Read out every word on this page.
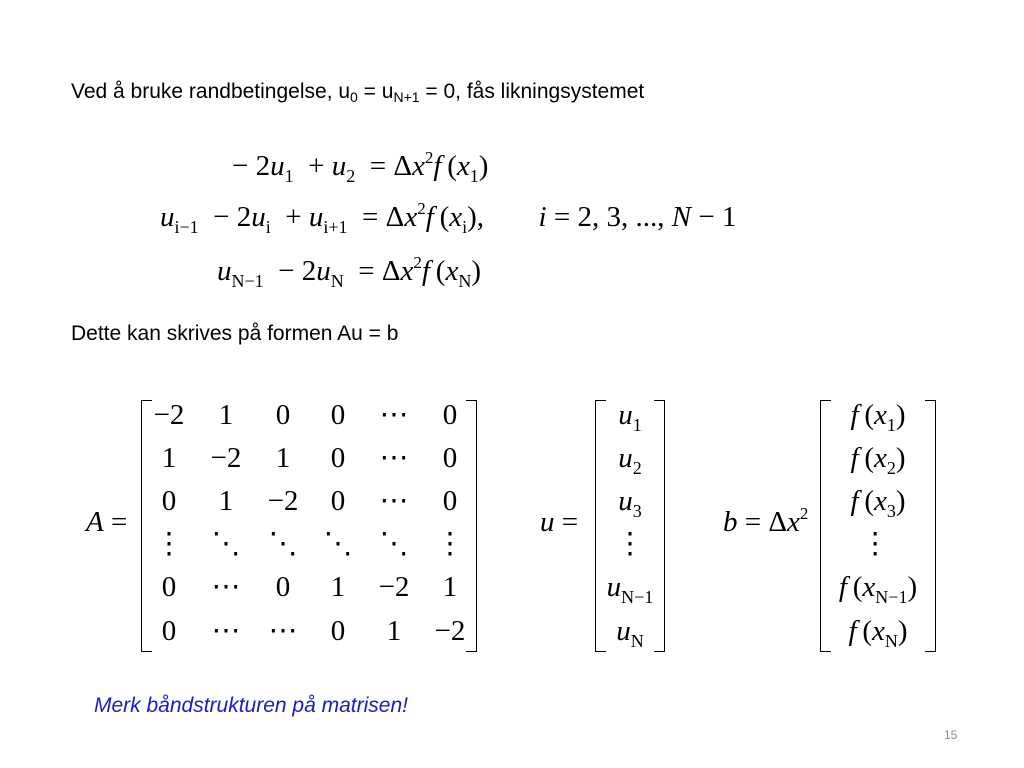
Ved å bruke randbetingelse, $u_0 = u_{N+1} = 0$, fås likningsystemet
− $2u_1 + u_2 = \Delta x^2f$  $(x_1)$
$u_{i-1} - 2u_i + u_{i+1} = \Delta x^2f$  $(x_i)$, i = 2, 3, ..., N − 1
$u_{N-1} - 2u_N = \Delta x^2f$  $(x_N)$
Dette kan skrives på formen Au = b
A =
−2	1	0	0	⋯	0
1	−2	1	0	⋯	0
0	1	−2	0	⋯	0
⋮ ⋱ ⋱ ⋱ ⋱ ⋮
0	⋯	0	1	−2	1
0	⋯ ⋯	0	1	−2
u =
$u_1$
$u_2$
$u_3$
⋮
$u_{N-1}$
$u_N$
$b = \Delta x^2$
f  $(x_1)$
f  $(x_2)$
f  $(x_3)$
⋮ 
f  $(x_{N-1})$
f  $(x_N)$
Merk båndstrukturen på matrisen!
15
